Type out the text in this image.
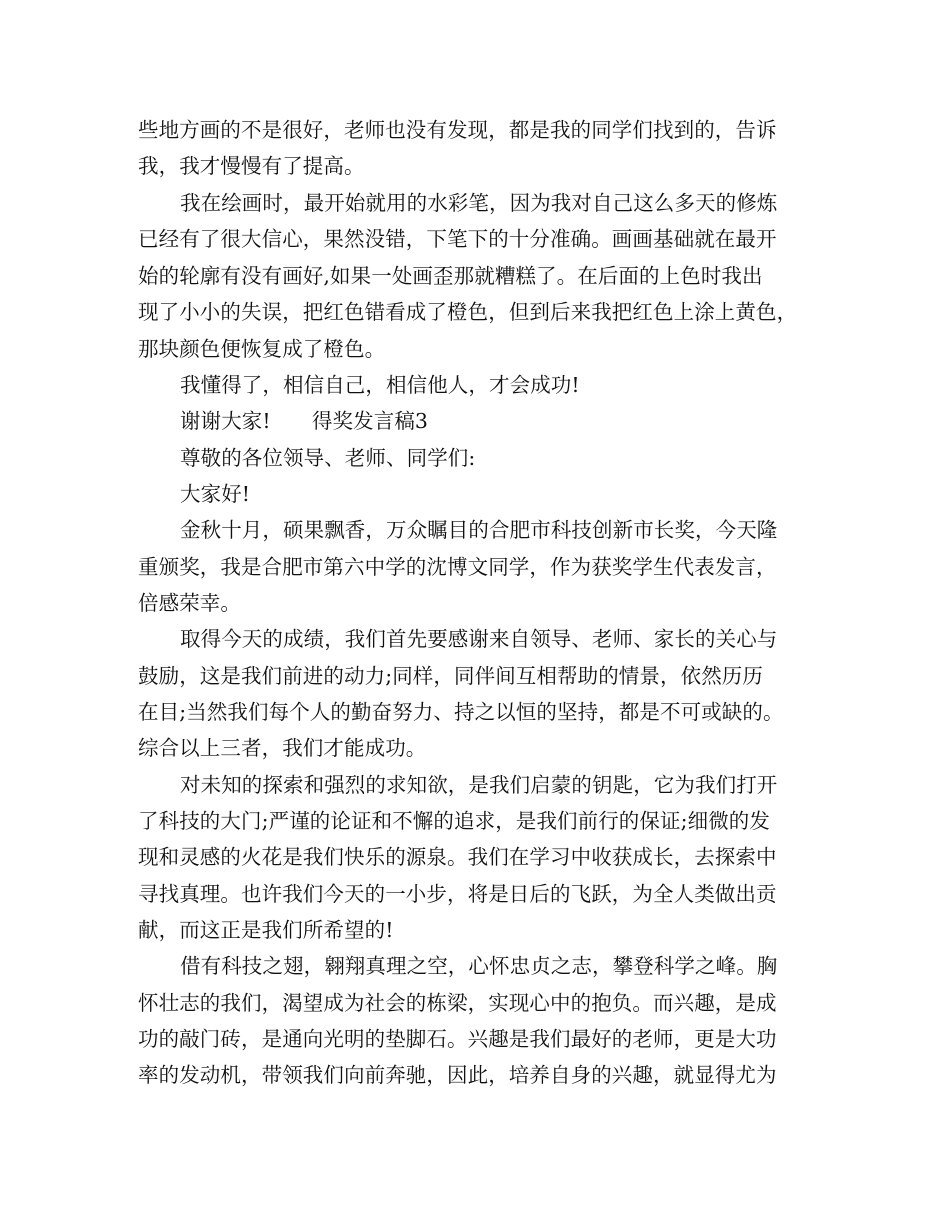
些地方画的不是很好，老师也没有发现，都是我的同学们找到的，告诉
我，我才慢慢有了提高。
我在绘画时，最开始就用的水彩笔，因为我对自己这么多天的修炼
已经有了很大信心，果然没错，下笔下的十分准确。画画基础就在最开
始的轮廓有没有画好,如果一处画歪那就糟糕了。在后面的上色时我出
现了小小的失误，把红色错看成了橙色，但到后来我把红色上涂上黄色，
那块颜色便恢复成了橙色。
我懂得了，相信自己，相信他人，才会成功!
谢谢大家!　　得奖发言稿3
尊敬的各位领导、老师、同学们:
大家好!
金秋十月，硕果飘香，万众瞩目的合肥市科技创新市长奖，今天隆
重颁奖，我是合肥市第六中学的沈博文同学，作为获奖学生代表发言，
倍感荣幸。
取得今天的成绩，我们首先要感谢来自领导、老师、家长的关心与
鼓励，这是我们前进的动力;同样，同伴间互相帮助的情景，依然历历
在目;当然我们每个人的勤奋努力、持之以恒的坚持，都是不可或缺的。
综合以上三者，我们才能成功。
对未知的探索和强烈的求知欲，是我们启蒙的钥匙，它为我们打开
了科技的大门;严谨的论证和不懈的追求，是我们前行的保证;细微的发
现和灵感的火花是我们快乐的源泉。我们在学习中收获成长，去探索中
寻找真理。也许我们今天的一小步，将是日后的飞跃，为全人类做出贡
献，而这正是我们所希望的!
借有科技之翅，翱翔真理之空，心怀忠贞之志，攀登科学之峰。胸
怀壮志的我们，渴望成为社会的栋梁，实现心中的抱负。而兴趣，是成
功的敲门砖，是通向光明的垫脚石。兴趣是我们最好的老师，更是大功
率的发动机，带领我们向前奔驰，因此，培养自身的兴趣，就显得尤为
